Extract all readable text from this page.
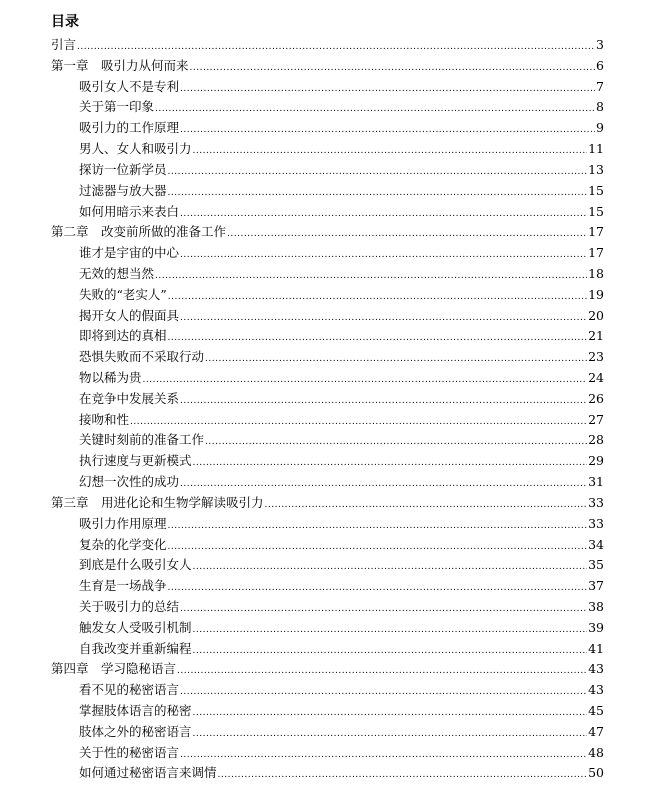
目录
引言 .....	3
第一章　吸引力从何而来 .....	6
吸引女人不是专利 .....	7
关于第一印象 .....	8
吸引力的工作原理 .....	9
男人、女人和吸引力 .....	11
探访一位新学员 .....	13
过滤器与放大器 .....	15
如何用暗示来表白 .....	15
第二章　改变前所做的准备工作 .....	17
谁才是宇宙的中心 .....	17
无效的想当然 .....	18
失败的“老实人” .....	19
揭开女人的假面具 .....	20
即将到达的真相 .....	21
恐惧失败而不采取行动 .....	23
物以稀为贵 .....	24
在竞争中发展关系 .....	26
接吻和性 .....	27
关键时刻前的准备工作 .....	28
执行速度与更新模式 .....	29
幻想一次性的成功 .....	31
第三章　用进化论和生物学解读吸引力 .....	33
吸引力作用原理 .....	33
复杂的化学变化 .....	34
到底是什么吸引女人 .....	35
生育是一场战争 .....	37
关于吸引力的总结 .....	38
触发女人受吸引机制 .....	39
自我改变并重新编程 .....	41
第四章　学习隐秘语言 .....	43
看不见的秘密语言 .....	43
掌握肢体语言的秘密 .....	45
肢体之外的秘密语言 .....	47
关于性的秘密语言 .....	48
如何通过秘密语言来调情 .....	50
